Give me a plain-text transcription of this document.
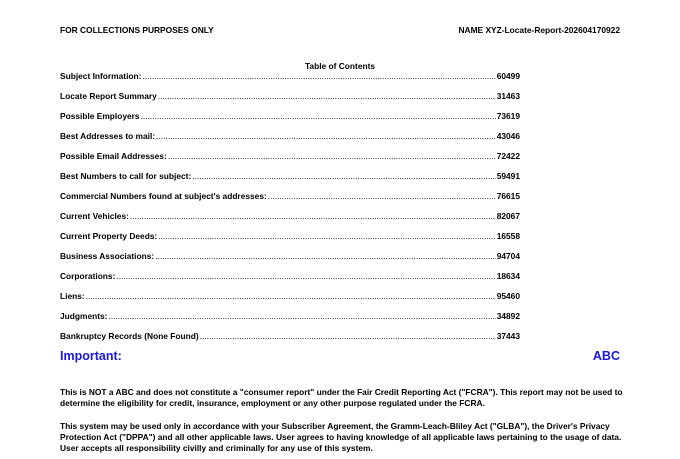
FOR COLLECTIONS PURPOSES ONLY	NAME XYZ-Locate-Report-202604170922
Table of Contents
Subject Information: .....	60499
Locate Report Summary .....	31463
Possible Employers .....	73619
Best Addresses to mail: .....	43046
Possible Email Addresses: .....	72422
Best Numbers to call for subject: .....	59491
Commercial Numbers found at subject's addresses: .....	76615
Current Vehicles: .....	82067
Current Property Deeds: .....	16558
Business Associations: .....	94704
Corporations: .....	18634
Liens: .....	95460
Judgments: .....	34892
Bankruptcy Records (None Found) .....	37443
Important:	ABC
This is NOT a ABC and does not constitute a "consumer report" under the Fair Credit Reporting Act ("FCRA"). This report may not be used to determine the eligibility for credit, insurance, employment or any other purpose regulated under the FCRA.
This system may be used only in accordance with your Subscriber Agreement, the Gramm-Leach-Bliley Act ("GLBA"), the Driver's Privacy Protection Act ("DPPA") and all other applicable laws. User agrees to having knowledge of all applicable laws pertaining to the usage of data. User accepts all responsibility civilly and criminally for any use of this system.
